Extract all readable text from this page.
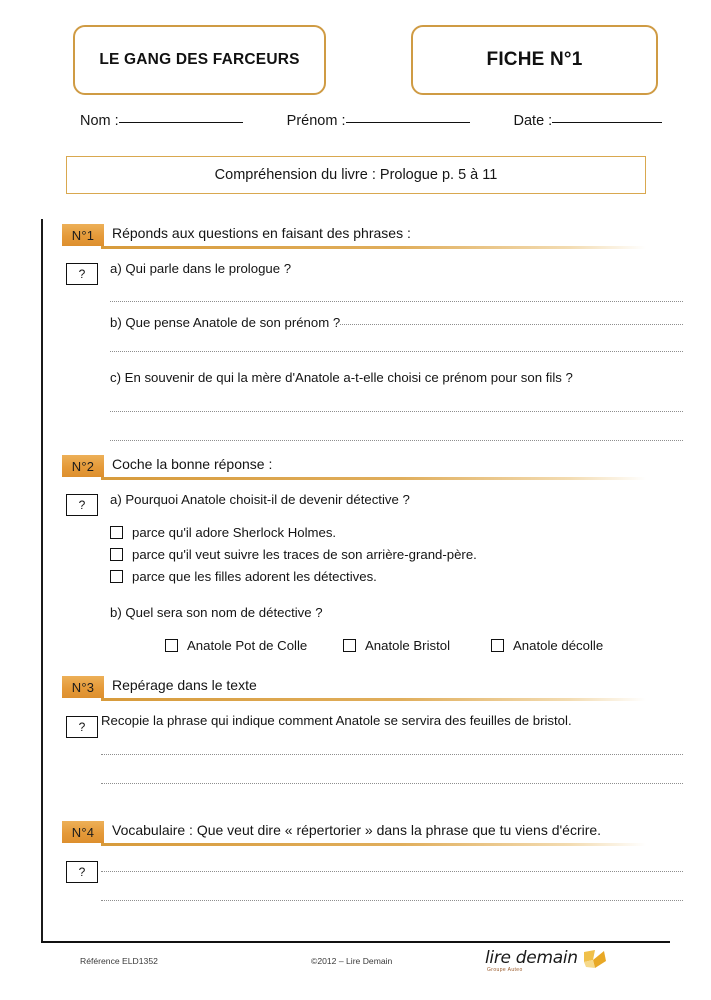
LE GANG DES FARCEURS	FICHE N°1
Nom :	Prénom :	Date :
Compréhension du livre : Prologue p. 5 à 11
N°1	Réponds aux questions en faisant des phrases :
?	a) Qui parle dans le prologue ?
b) Que pense Anatole de son prénom ?
c) En souvenir de qui la mère d'Anatole a-t-elle choisi ce prénom pour son fils ?
N°2	Coche la bonne réponse :
?	a) Pourquoi Anatole choisit-il de devenir détective ?
parce qu'il adore Sherlock Holmes.
parce qu'il veut suivre les traces de son arrière-grand-père.
parce que les filles adorent les détectives.
b) Quel sera son nom de détective ?
Anatole Pot de Colle	Anatole Bristol	Anatole décolle
N°3	Repérage dans le texte
?	Recopie la phrase qui indique comment Anatole se servira des feuilles de bristol.
N°4	Vocabulaire : Que veut dire « répertorier » dans la phrase que tu viens d'écrire.
?
Référence ELD1352	©2012 – Lire Demain	lire demain
Groupe Auteo
